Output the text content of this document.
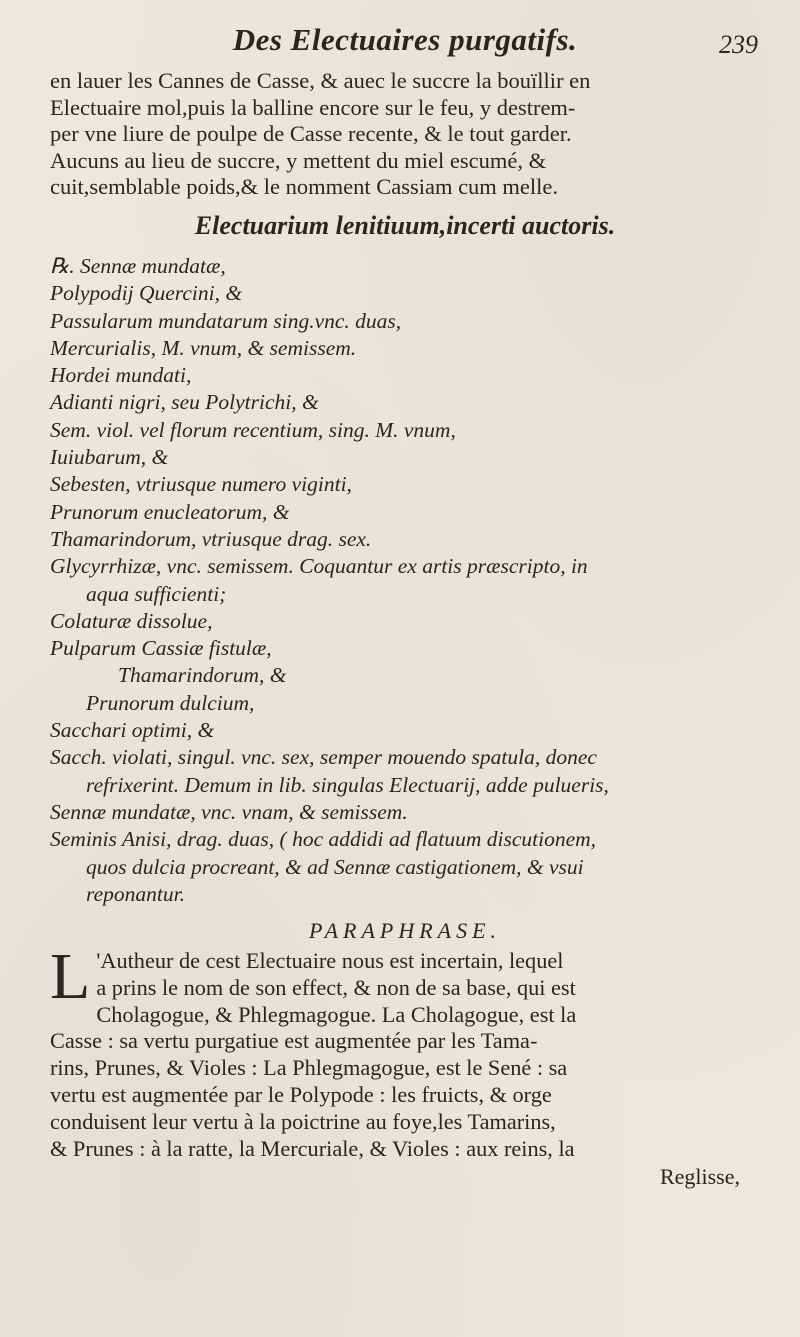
Des Electuaires purgatifs.	239
en lauer les Cannes de Casse, & auec le succre la bouïllir en
Electuaire mol,puis la balline encore sur le feu, y destrem-
per vne liure de poulpe de Casse recente, & le tout garder.
Aucuns au lieu de succre, y mettent du miel escumé, &
cuit,semblable poids,& le nomment Cassiam cum melle.
Electuarium lenitiuum,incerti auctoris.
℞. Sennæ mundatæ,
Polypodij Quercini, &
Passularum mundatarum sing.vnc. duas,
Mercurialis, M. vnum, & semissem.
Hordei mundati,
Adianti nigri, seu Polytrichi, &
Sem. viol. vel florum recentium, sing. M. vnum,
Iuiubarum, &
Sebesten, vtriusque numero viginti,
Prunorum enucleatorum, &
Thamarindorum, vtriusque drag. sex.
Glycyrrhizæ, vnc. semissem. Coquantur ex artis præscripto, in
aqua sufficienti;
Colaturæ dissolue,
Pulparum Cassiæ fistulæ,
Thamarindorum, &
Prunorum dulcium,
Sacchari optimi, &
Sacch. violati, singul. vnc. sex, semper mouendo spatula, donec
refrixerint. Demum in lib. singulas Electuarij, adde pulueris,
Sennæ mundatæ, vnc. vnam, & semissem.
Seminis Anisi, drag. duas, ( hoc addidi ad flatuum discutionem,
quos dulcia procreant, & ad Sennæ castigationem, & vsui
reponantur.
PARAPHRASE.
L 'Autheur de cest Electuaire nous est incertain, lequel
a prins le nom de son effect, & non de sa base, qui est
Cholagogue, & Phlegmagogue. La Cholagogue, est la
Casse : sa vertu purgatiue est augmentée par les Tama-
rins, Prunes, & Violes : La Phlegmagogue, est le Sené : sa
vertu est augmentée par le Polypode : les fruicts, & orge
conduisent leur vertu à la poictrine au foye,les Tamarins,
& Prunes : à la ratte, la Mercuriale, & Violes : aux reins, la
Reglisse,
